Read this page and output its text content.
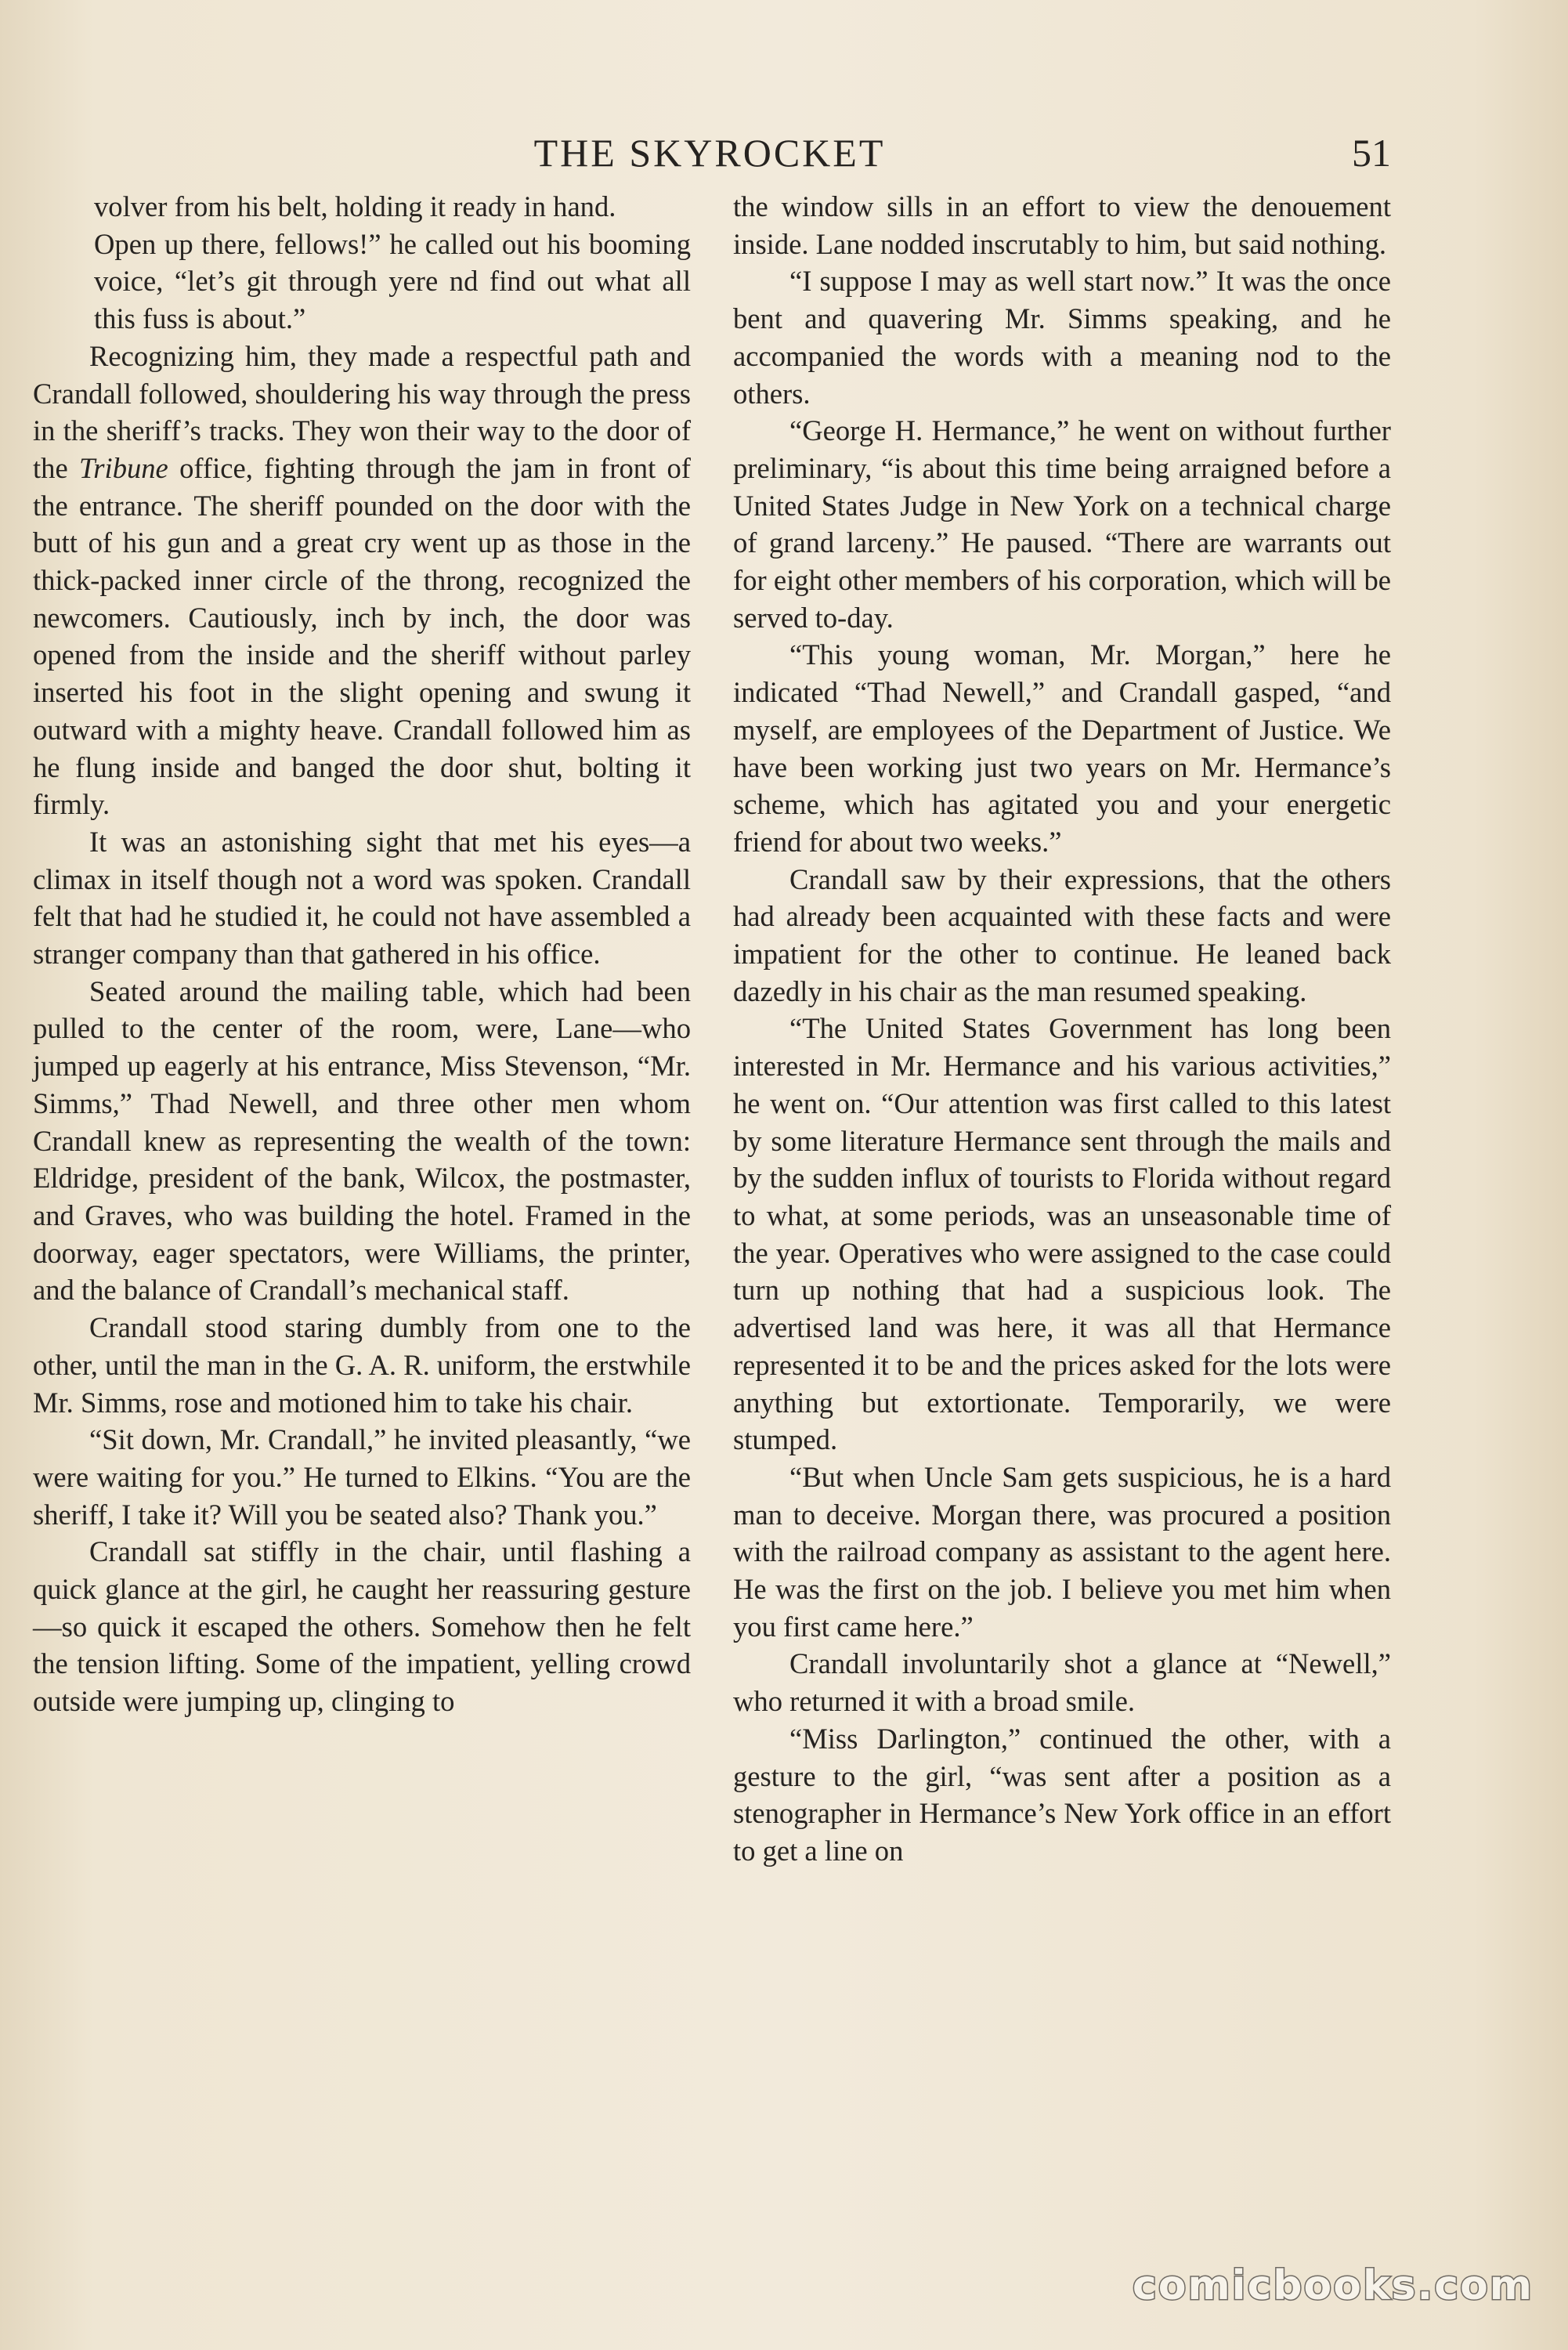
THE SKYROCKET	51

volver from his belt, holding it ready in hand.

Open up there, fellows!” he called out his booming voice, “let’s git through yere nd find out what all this fuss is about.”

Recognizing him, they made a respectful path and Crandall followed, shouldering his way through the press in the sheriff’s tracks. They won their way to the door of the Tribune office, fighting through the jam in front of the entrance. The sheriff pounded on the door with the butt of his gun and a great cry went up as those in the thick-packed inner circle of the throng, recognized the newcomers. Cautiously, inch by inch, the door was opened from the inside and the sheriff without parley inserted his foot in the slight opening and swung it outward with a mighty heave. Crandall followed him as he flung inside and banged the door shut, bolting it firmly.

It was an astonishing sight that met his eyes—a climax in itself though not a word was spoken. Crandall felt that had he studied it, he could not have assembled a stranger company than that gathered in his office.

Seated around the mailing table, which had been pulled to the center of the room, were, Lane—who jumped up eagerly at his entrance, Miss Stevenson, “Mr. Simms,” Thad Newell, and three other men whom Crandall knew as representing the wealth of the town: Eldridge, president of the bank, Wilcox, the postmaster, and Graves, who was building the hotel. Framed in the doorway, eager spectators, were Williams, the printer, and the balance of Crandall’s mechanical staff.

Crandall stood staring dumbly from one to the other, until the man in the G. A. R. uniform, the erstwhile Mr. Simms, rose and motioned him to take his chair.

“Sit down, Mr. Crandall,” he invited pleasantly, “we were waiting for you.” He turned to Elkins. “You are the sheriff, I take it? Will you be seated also? Thank you.”

Crandall sat stiffly in the chair, until flashing a quick glance at the girl, he caught her reassuring gesture—so quick it escaped the others. Somehow then he felt the tension lifting. Some of the impatient, yelling crowd outside were jumping up, clinging to

the window sills in an effort to view the denouement inside. Lane nodded inscrutably to him, but said nothing.

“I suppose I may as well start now.” It was the once bent and quavering Mr. Simms speaking, and he accompanied the words with a meaning nod to the others.

“George H. Hermance,” he went on without further preliminary, “is about this time being arraigned before a United States Judge in New York on a technical charge of grand larceny.” He paused. “There are warrants out for eight other members of his corporation, which will be served to-day.

“This young woman, Mr. Morgan,” here he indicated “Thad Newell,” and Crandall gasped, “and myself, are employees of the Department of Justice. We have been working just two years on Mr. Hermance’s scheme, which has agitated you and your energetic friend for about two weeks.”

Crandall saw by their expressions, that the others had already been acquainted with these facts and were impatient for the other to continue. He leaned back dazedly in his chair as the man resumed speaking.

“The United States Government has long been interested in Mr. Hermance and his various activities,” he went on. “Our attention was first called to this latest by some literature Hermance sent through the mails and by the sudden influx of tourists to Florida without regard to what, at some periods, was an unseasonable time of the year. Operatives who were assigned to the case could turn up nothing that had a suspicious look. The advertised land was here, it was all that Hermance represented it to be and the prices asked for the lots were anything but extortionate. Temporarily, we were stumped.

“But when Uncle Sam gets suspicious, he is a hard man to deceive. Morgan there, was procured a position with the railroad company as assistant to the agent here. He was the first on the job. I believe you met him when you first came here.”

Crandall involuntarily shot a glance at “Newell,” who returned it with a broad smile.

“Miss Darlington,” continued the other, with a gesture to the girl, “was sent after a position as a stenographer in Hermance’s New York office in an effort to get a line on

comicbooks.com
